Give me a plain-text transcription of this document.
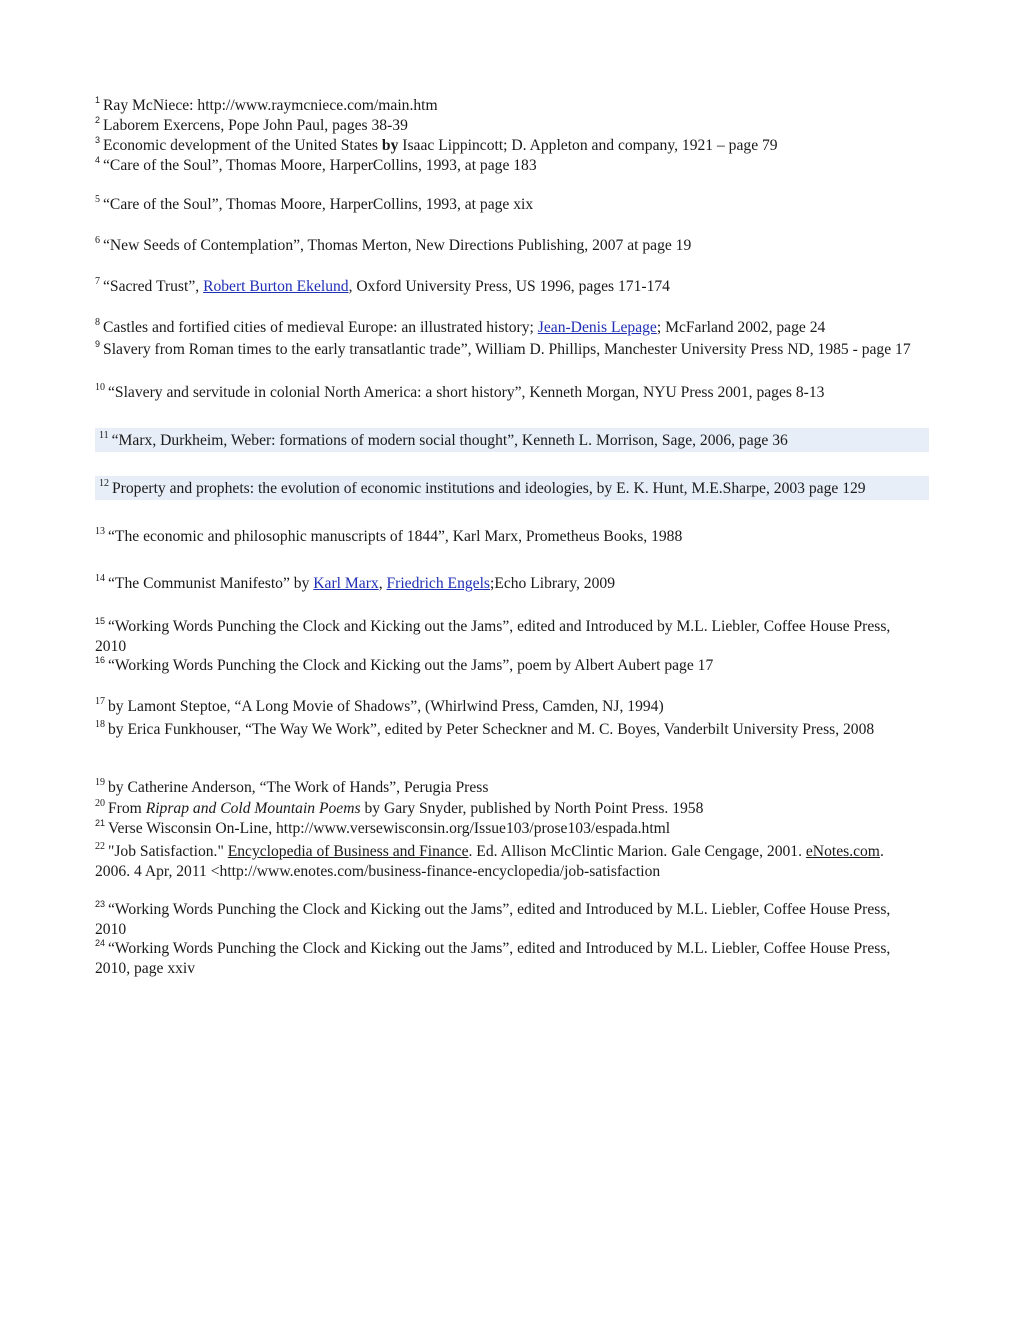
$^1$ Ray McNiece: http://www.raymcniece.com/main.htm
$^2$ Laborem Exercens, Pope John Paul, pages 38-39
$^3$ Economic development of the United States by Isaac Lippincott; D. Appleton and company, 1921 – page 79
$^4$ “Care of the Soul”, Thomas Moore, HarperCollins, 1993, at page 183
$^5$ “Care of the Soul”, Thomas Moore, HarperCollins, 1993, at page xix
$^6$ “New Seeds of Contemplation”, Thomas Merton, New Directions Publishing, 2007 at page 19
$^7$ “Sacred Trust”, Robert Burton Ekelund, Oxford University Press, US 1996, pages 171-174
$^8$ Castles and fortified cities of medieval Europe: an illustrated history; Jean-Denis Lepage; McFarland 2002, page 24
$^9$ Slavery from Roman times to the early transatlantic trade”, William D. Phillips, Manchester University Press ND, 1985 - page 17
$^{10}$ “Slavery and servitude in colonial North America: a short history”, Kenneth Morgan, NYU Press 2001, pages 8-13
$^{11}$ “Marx, Durkheim, Weber: formations of modern social thought”, Kenneth L. Morrison, Sage, 2006, page 36
$^{12}$ Property and prophets: the evolution of economic institutions and ideologies, by E. K. Hunt, M.E.Sharpe, 2003 page 129
$^{13}$ “The economic and philosophic manuscripts of 1844”, Karl Marx, Prometheus Books, 1988
$^{14}$ “The Communist Manifesto” by Karl Marx, Friedrich Engels;Echo Library, 2009
$^{15}$ “Working Words Punching the Clock and Kicking out the Jams”, edited and Introduced by M.L. Liebler, Coffee House Press, 2010
$^{16}$ “Working Words Punching the Clock and Kicking out the Jams”, poem by Albert Aubert page 17
$^{17}$ by Lamont Steptoe, “A Long Movie of Shadows”, (Whirlwind Press, Camden, NJ, 1994)
$^{18}$ by Erica Funkhouser, “The Way We Work”, edited by Peter Scheckner and M. C. Boyes, Vanderbilt University Press, 2008
$^{19}$ by Catherine Anderson, “The Work of Hands”, Perugia Press
$^{20}$ From Riprap and Cold Mountain Poems by Gary Snyder, published by North Point Press. 1958
$^{21}$ Verse Wisconsin On-Line, http://www.versewisconsin.org/Issue103/prose103/espada.html
$^{22}$ "Job Satisfaction." Encyclopedia of Business and Finance. Ed. Allison McClintic Marion. Gale Cengage, 2001. eNotes.com. 2006. 4 Apr, 2011 <http://www.enotes.com/business-finance-encyclopedia/job-satisfaction
$^{23}$ “Working Words Punching the Clock and Kicking out the Jams”, edited and Introduced by M.L. Liebler, Coffee House Press, 2010
$^{24}$ “Working Words Punching the Clock and Kicking out the Jams”, edited and Introduced by M.L. Liebler, Coffee House Press, 2010, page xxiv
